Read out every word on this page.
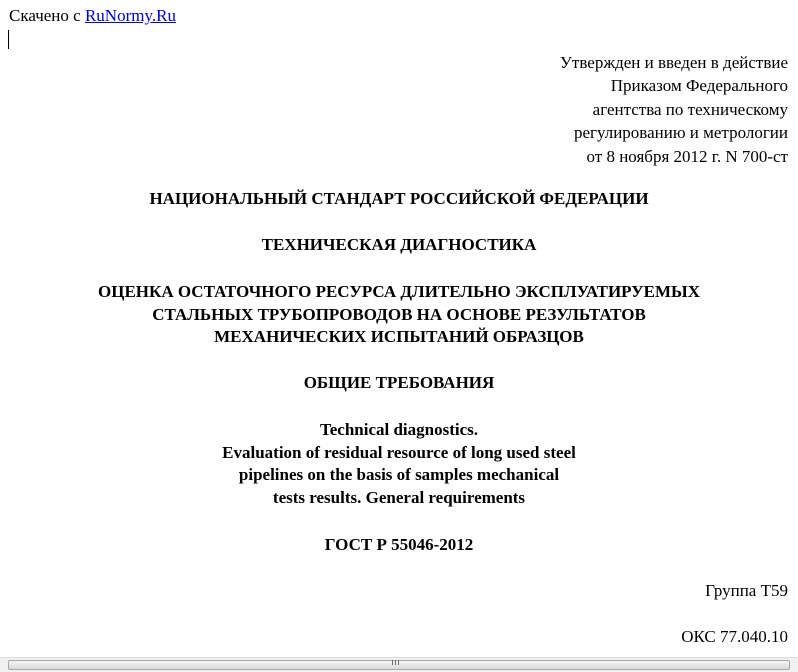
Скачено с RuNormy.Ru
Утвержден и введен в действие
Приказом Федерального
агентства по техническому
регулированию и метрологии
от 8 ноября 2012 г. N 700-ст
НАЦИОНАЛЬНЫЙ СТАНДАРТ РОССИЙСКОЙ ФЕДЕРАЦИИ
ТЕХНИЧЕСКАЯ ДИАГНОСТИКА
ОЦЕНКА ОСТАТОЧНОГО РЕСУРСА ДЛИТЕЛЬНО ЭКСПЛУАТИРУЕМЫХ
СТАЛЬНЫХ ТРУБОПРОВОДОВ НА ОСНОВЕ РЕЗУЛЬТАТОВ
МЕХАНИЧЕСКИХ ИСПЫТАНИЙ ОБРАЗЦОВ
ОБЩИЕ ТРЕБОВАНИЯ
Technical diagnostics.
Evaluation of residual resource of long used steel
pipelines on the basis of samples mechanical
tests results. General requirements
ГОСТ Р 55046-2012
Группа Т59
ОКС 77.040.10
